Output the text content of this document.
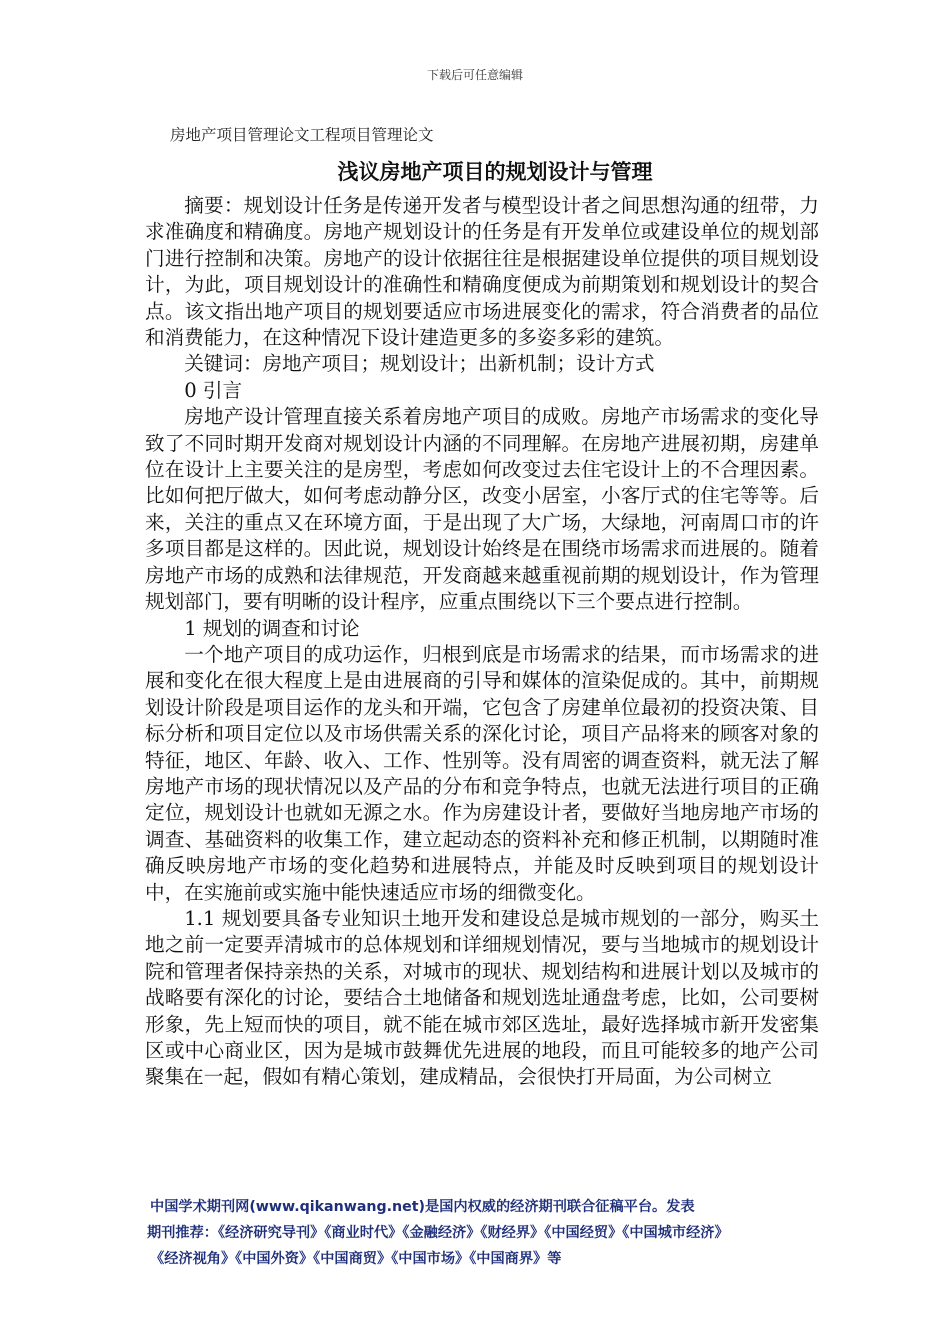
下载后可任意编辑
房地产项目管理论文工程项目管理论文
浅议房地产项目的规划设计与管理

摘要：规划设计任务是传递开发者与模型设计者之间思想沟通的纽带，力求准确度和精确度。房地产规划设计的任务是有开发单位或建设单位的规划部门进行控制和决策。房地产的设计依据往往是根据建设单位提供的项目规划设计，为此，项目规划设计的准确性和精确度便成为前期策划和规划设计的契合点。该文指出地产项目的规划要适应市场进展变化的需求，符合消费者的品位和消费能力，在这种情况下设计建造更多的多姿多彩的建筑。

关键词：房地产项目；规划设计；出新机制；设计方式

0 引言

房地产设计管理直接关系着房地产项目的成败。房地产市场需求的变化导致了不同时期开发商对规划设计内涵的不同理解。在房地产进展初期，房建单位在设计上主要关注的是房型，考虑如何改变过去住宅设计上的不合理因素。比如何把厅做大，如何考虑动静分区，改变小居室，小客厅式的住宅等等。后来，关注的重点又在环境方面，于是出现了大广场，大绿地，河南周口市的许多项目都是这样的。因此说，规划设计始终是在围绕市场需求而进展的。随着房地产市场的成熟和法律规范，开发商越来越重视前期的规划设计，作为管理规划部门，要有明晰的设计程序，应重点围绕以下三个要点进行控制。

1 规划的调查和讨论

一个地产项目的成功运作，归根到底是市场需求的结果，而市场需求的进展和变化在很大程度上是由进展商的引导和媒体的渲染促成的。其中，前期规划设计阶段是项目运作的龙头和开端，它包含了房建单位最初的投资决策、目标分析和项目定位以及市场供需关系的深化讨论，项目产品将来的顾客对象的特征，地区、年龄、收入、工作、性别等。没有周密的调查资料，就无法了解房地产市场的现状情况以及产品的分布和竞争特点，也就无法进行项目的正确定位，规划设计也就如无源之水。作为房建设计者，要做好当地房地产市场的调查、基础资料的收集工作，建立起动态的资料补充和修正机制，以期随时准确反映房地产市场的变化趋势和进展特点，并能及时反映到项目的规划设计中，在实施前或实施中能快速适应市场的细微变化。

1.1 规划要具备专业知识土地开发和建设总是城市规划的一部分，购买土地之前一定要弄清城市的总体规划和详细规划情况，要与当地城市的规划设计院和管理者保持亲热的关系，对城市的现状、规划结构和进展计划以及城市的战略要有深化的讨论，要结合土地储备和规划选址通盘考虑，比如，公司要树形象，先上短而快的项目，就不能在城市郊区选址，最好选择城市新开发密集区或中心商业区，因为是城市鼓舞优先进展的地段，而且可能较多的地产公司聚集在一起，假如有精心策划，建成精品，会很快打开局面，为公司树立

中国学术期刊网(www.qikanwang.net)是国内权威的经济期刊联合征稿平台。发表
期刊推荐：《经济研究导刊》《商业时代》《金融经济》《财经界》《中国经贸》《中国城市经济》
《经济视角》《中国外资》《中国商贸》《中国市场》《中国商界》等
